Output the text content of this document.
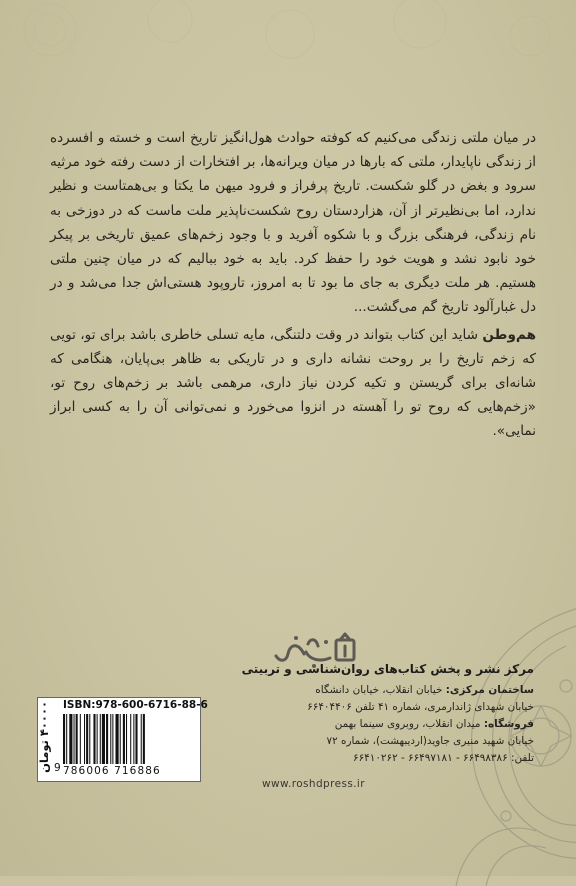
در میان ملتی زندگی می‌کنیم که کوفته حوادث هول‌انگیز تاریخ است و خسته و افسرده از زندگی ناپایدار، ملتی که بارها در میان ویرانه‌ها، بر افتخارات از دست رفته خود مرثیه سرود و بغض در گلو شکست. تاریخ پرفراز و فرود میهن ما یکتا و بی‌همتاست و نظیر ندارد، اما بی‌نظیرتر از آن، هزاردستان روح شکست‌ناپذیر ملت ماست که در دوزخی به نام زندگی، فرهنگی بزرگ و با شکوه آفرید و با وجود زخم‌های عمیق تاریخی بر پیکر خود نابود نشد و هویت خود را حفظ کرد. باید به خود ببالیم که در میان چنین ملتی هستیم. هر ملت دیگری به جای ما بود تا به امروز، تاروپود هستی‌اش جدا می‌شد و در دل غبارآلود تاریخ گم می‌گشت...

هم‌وطن شاید این کتاب بتواند در وقت دلتنگی، مایه تسلی خاطری باشد برای تو، تویی که زخم تاریخ را بر روحت نشانه داری و در تاریکی به ظاهر بی‌پایان، هنگامی که شانه‌ای برای گریستن و تکیه کردن نیاز داری، مرهمی باشد بر زخم‌های روح تو، «زخم‌هایی که روح تو را آهسته در انزوا می‌خورد و نمی‌توانی آن را به کسی ابراز نمایی».

مرکز نشر و پخش کتاب‌های روان‌شناسی و تربیتی
ساختمان مرکزی: خیابان انقلاب، خیابان دانشگاه
خیابان شهدای ژاندارمری، شماره ۴۱ تلفن ۶۶۴۰۴۴۰۶
فروشگاه: میدان انقلاب، روبروی سینما بهمن
خیابان شهید منیری جاوید(اردیبهشت)، شماره ۷۲
تلفن: ۶۶۴۹۸۳۸۶ - ۶۶۴۹۷۱۸۱ - ۶۶۴۱۰۲۶۲
www.roshdpress.ir
۴۰۰۰۰ تومان	ISBN:978-600-6716-88-6
9 786006 716886
